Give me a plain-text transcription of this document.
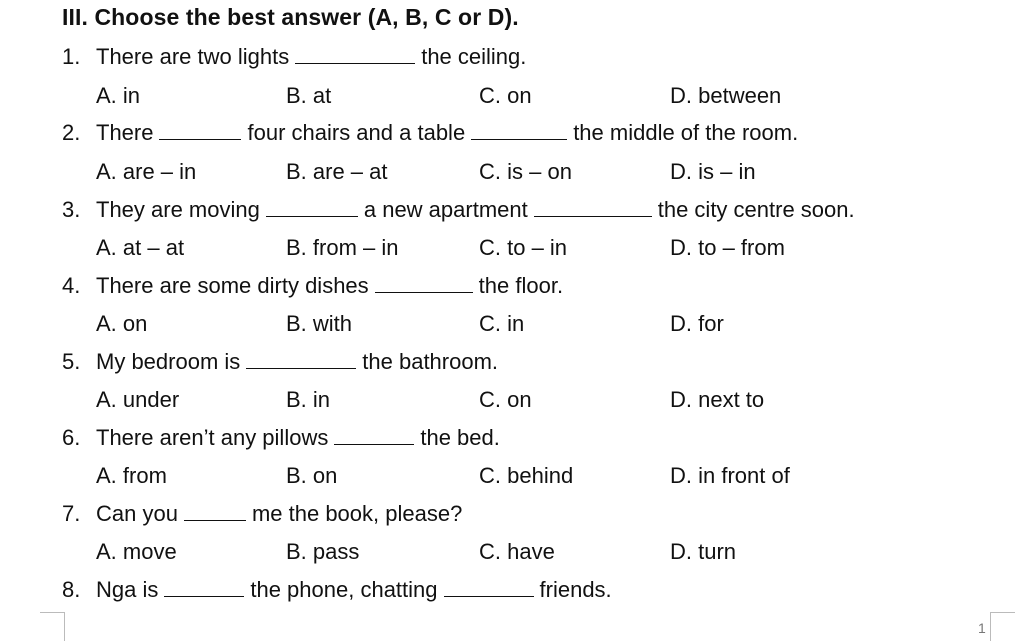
III. Choose the best answer (A, B, C or D).
1. There are two lights	the ceiling.
A. in	B. at	C. on	D. between
2. There	four chairs and a table	the middle of the room.
A. are – in	B. are – at	C. is – on	D. is – in
3. They are moving	a new apartment	the city centre soon.
A. at – at	B. from – in	C. to – in	D. to – from
4. There are some dirty dishes	the floor.
A. on	B. with	C. in	D. for
5. My bedroom is	the bathroom.
A. under	B. in	C. on	D. next to
6. There aren’t any pillows	the bed.
A. from	B. on	C. behind	D. in front of
7. Can you	me the book, please?
A. move	B. pass	C. have	D. turn
8. Nga is	the phone, chatting	friends.
1
